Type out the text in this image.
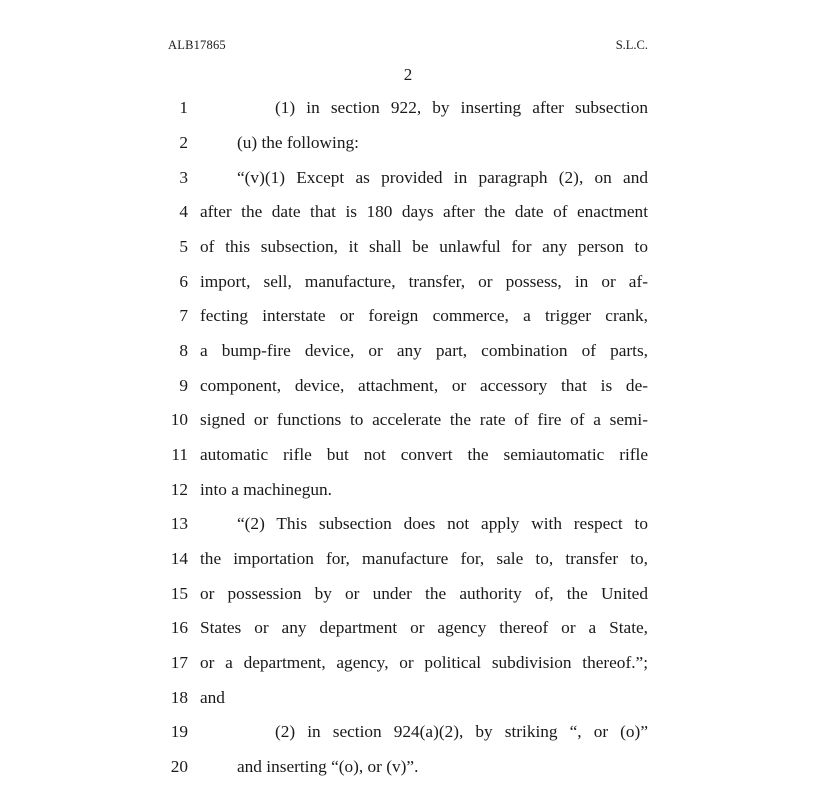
ALB17865	S.L.C.
2
1	(1) in section 922, by inserting after subsection
2	(u) the following:
3	“(v)(1) Except as provided in paragraph (2), on and
4 after the date that is 180 days after the date of enactment
5 of this subsection, it shall be unlawful for any person to
6 import, sell, manufacture, transfer, or possess, in or af-
7 fecting interstate or foreign commerce, a trigger crank,
8 a bump-fire device, or any part, combination of parts,
9 component, device, attachment, or accessory that is de-
10 signed or functions to accelerate the rate of fire of a semi-
11 automatic rifle but not convert the semiautomatic rifle
12 into a machinegun.
13	“(2) This subsection does not apply with respect to
14 the importation for, manufacture for, sale to, transfer to,
15 or possession by or under the authority of, the United
16 States or any department or agency thereof or a State,
17 or a department, agency, or political subdivision thereof.”;
18 and
19	(2) in section 924(a)(2), by striking “, or (o)”
20	and inserting “(o), or (v)”.
